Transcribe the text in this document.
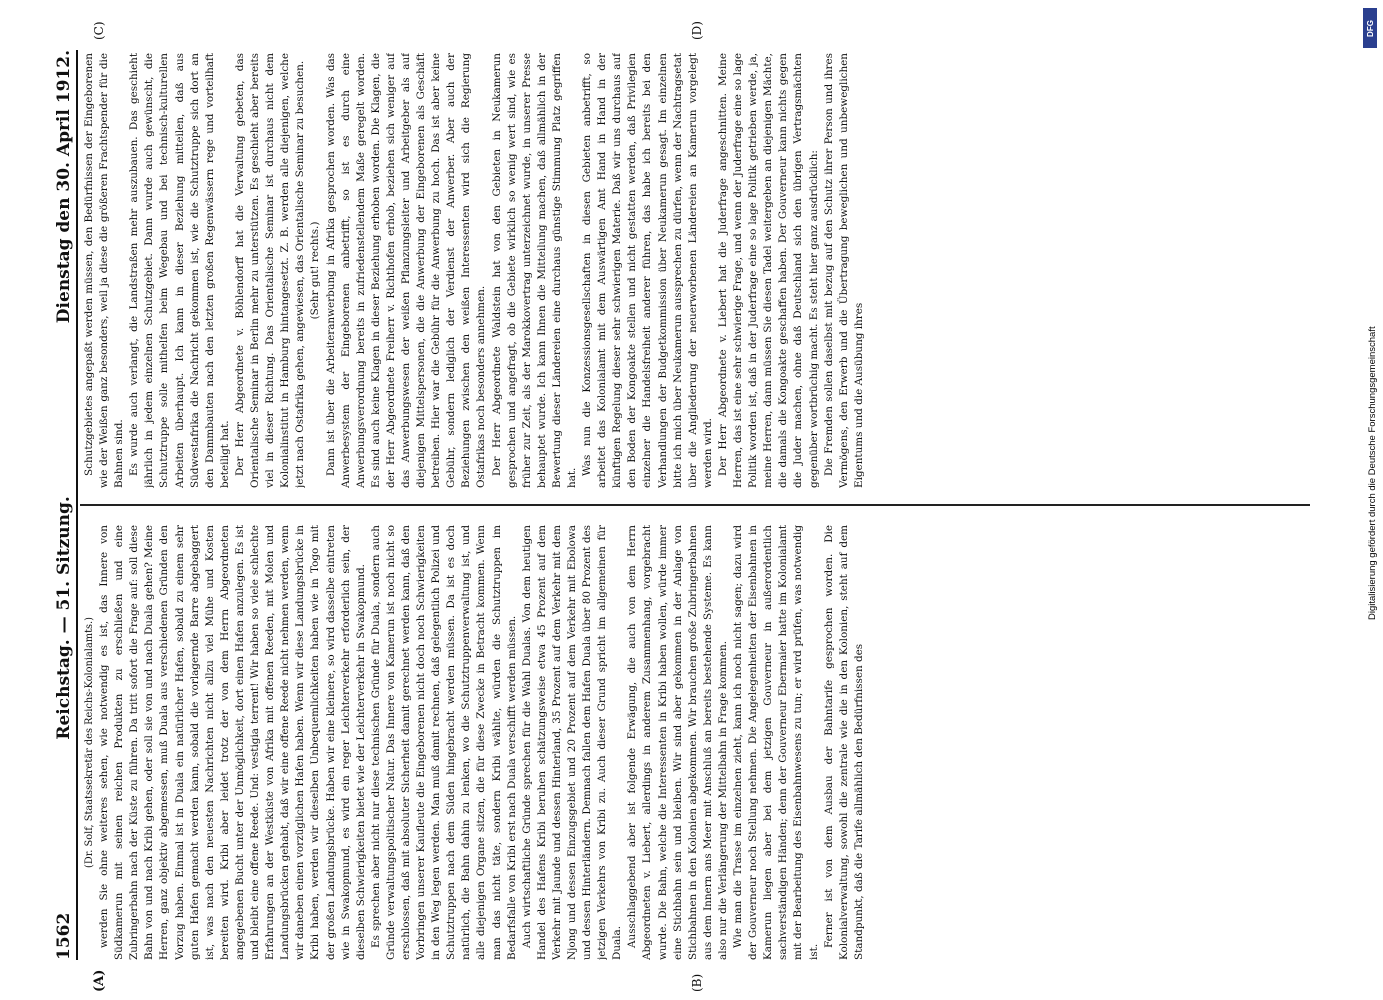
1562
Reichstag. — 51. Sitzung.
Dienstag den 30. April 1912.
(A)	(B)
(C)	(D)

(Dr. Solf, Staatssekretär des Reichs-Kolonialamts.) werden Sie ohne weiteres sehen, wie notwendig es ist, das Innere von Südkamerun mit seinen reichen Produkten zu erschließen und eine Zubringerbahn nach der Küste zu führen. Da tritt sofort die Frage auf: soll diese Bahn von und nach Kribi gehen, oder soll sie von und nach Duala gehen? Meine Herren, ganz objektiv abgemessen, muß Duala aus verschiedenen Gründen den Vorzug haben. Einmal ist in Duala ein natürlicher Hafen, sobald zu einem sehr guten Hafen gemacht werden kann, sobald die vorlagernde Barre abgebaggert ist, was nach den neuesten Nachrichten nicht allzu viel Mühe und Kosten bereiten wird. Kribi aber leidet trotz der von dem Herrn Abgeordneten angegebenen Bucht unter der Unmöglichkeit, dort einen Hafen anzulegen. Es ist und bleibt eine offene Reede. Und: vestigia terrent! Wir haben so viele schlechte Erfahrungen an der Westküste von Afrika mit offenen Reeden, mit Molen und Landungsbrücken gehabt, daß wir eine offene Reede nicht nehmen werden, wenn wir daneben einen vorzüglichen Hafen haben. Wenn wir diese Landungsbrücke in Kribi haben, werden wir dieselben Unbequemlichkeiten haben wie in Togo mit der großen Landungsbrücke. Haben wir eine kleinere, so wird dasselbe eintreten wie in Swakopmund, es wird ein reger Leichterverkehr erforderlich sein, der dieselben Schwierigkeiten bietet wie der Leichterverkehr in Swakopmund. Es sprechen aber nicht nur diese technischen Gründe für Duala, sondern auch Gründe verwaltungspolitischer Natur. Das Innere von Kamerun ist noch nicht so erschlossen, daß mit absoluter Sicherheit damit gerechnet werden kann, daß den Vorbringen unserer Kaufleute die Eingeborenen nicht doch noch Schwierigkeiten in den Weg legen werden. Man muß damit rechnen, daß gelegentlich Polizei und Schutztruppen nach dem Süden hingebracht werden müssen. Da ist es doch natürlich, die Bahn dahin zu lenken, wo die Schutztruppenverwaltung ist, und alle diejenigen Organe sitzen, die für diese Zwecke in Betracht kommen. Wenn man das nicht täte, sondern Kribi wählte, würden die Schutztruppen im Bedarfsfalle von Kribi erst nach Duala verschifft werden müssen. Auch wirtschaftliche Gründe sprechen für die Wahl Dualas. Von dem heutigen Handel des Hafens Kribi beruhen schätzungsweise etwa 45 Prozent auf dem Verkehr mit Jaunde und dessen Hinterland, 35 Prozent auf dem Verkehr mit dem Njong und dessen Einzugsgebiet und 20 Prozent auf dem Verkehr mit Ebolowa und dessen Hinterländern. Demnach fallen dem Hafen Duala über 80 Prozent des jetzigen Verkehrs von Kribi zu. Auch dieser Grund spricht im allgemeinen für Duala. Ausschlaggebend aber ist folgende Erwägung, die auch von dem Herrn Abgeordneten v. Liebert, allerdings in anderem Zusammenhang, vorgebracht wurde. Die Bahn, welche die Interessenten in Kribi haben wollen, würde immer eine Stichbahn sein und bleiben. Wir sind aber gekommen in der Anlage von Stichbahnen in den Kolonien abgekommen. Wir brauchen große Zubringerbahnen aus dem Innern ans Meer mit Anschluß an bereits bestehende Systeme. Es kann also nur die Verlängerung der Mittelbahn in Frage kommen. Wie man die Trasse im einzelnen zieht, kann ich noch nicht sagen; dazu wird der Gouverneur noch Stellung nehmen. Die Angelegenheiten der Eisenbahnen in Kamerun liegen aber bei dem jetzigen Gouverneur in außerordentlich sachverständigen Händen; denn der Gouverneur Ebermaier hatte im Kolonialamt mit der Bearbeitung des Eisenbahnwesens zu tun; er wird prüfen, was notwendig ist.

Ferner ist von dem Ausbau der Bahntarife gesprochen worden. Die Kolonialverwaltung, sowohl die zentrale wie die in den Kolonien, steht auf dem Standpunkt, daß die Tarife allmählich den Bedürfnissen des

Schutzgebietes angepaßt werden müssen, den Bedürfnissen der Eingeborenen wie der Weißen ganz besonders, weil ja diese die größeren Frachtspender für die Bahnen sind. Es wurde auch verlangt, die Landstraßen mehr auszubauen. Das geschieht jährlich in jedem einzelnen Schutzgebiet. Dann wurde auch gewünscht, die Schutztruppe solle mithelfen beim Wegebau und bei technisch-kulturellen Arbeiten überhaupt. Ich kann in dieser Beziehung mitteilen, daß aus Südwestafrika die Nachricht gekommen ist, wie die Schutztruppe sich dort an den Dammbauten nach den letzten großen Regenwässern rege und vorteilhaft beteiligt hat. Der Herr Abgeordnete v. Böhlendorff hat die Verwaltung gebeten, das Orientalische Seminar in Berlin mehr zu unterstützen. Es geschieht aber bereits viel in dieser Richtung. Das Orientalische Seminar ist durchaus nicht dem Kolonialinstitut in Hamburg hintangesetzt. Z. B. werden alle diejenigen, welche jetzt nach Ostafrika gehen, angewiesen, das Orientalische Seminar zu besuchen. (Sehr gut! rechts.) Dann ist über die Arbeiteranwerbung in Afrika gesprochen worden. Was das Anwerbesystem der Eingeborenen anbetrifft, so ist es durch eine Anwerbungsverordnung bereits in zufriedenstellendem Maße geregelt worden. Es sind auch keine Klagen in dieser Beziehung erhoben worden. Die Klagen, die der Herr Abgeordnete Freiherr v. Richthofen erhob, beziehen sich weniger auf das Anwerbungswesen der weißen Pflanzungsleiter und Arbeitgeber als auf diejenigen Mittelspersonen, die die Anwerbung der Eingeborenen als Geschäft betreiben. Hier war die Gebühr für die Anwerbung zu hoch. Das ist aber keine Gebühr, sondern lediglich der Verdienst der Anwerber. Aber auch der Beziehungen zwischen den weißen Interessenten wird sich die Regierung Ostafrikas noch besonders annehmen. Der Herr Abgeordnete Waldstein hat von den Gebieten in Neukamerun gesprochen und angefragt, ob die Gebiete wirklich so wenig wert sind, wie es früher zur Zeit, als der Marokkovertrag unterzeichnet wurde, in unserer Presse behauptet wurde. Ich kann Ihnen die Mitteilung machen, daß allmählich in der Bewertung dieser Ländereien eine durchaus günstige Stimmung Platz gegriffen hat.

Was nun die Konzessionsgesellschaften in diesen Gebieten anbetrifft, so arbeitet das Kolonialamt mit dem Auswärtigen Amt Hand in Hand in der künftigen Regelung dieser sehr schwierigen Materie. Daß wir uns durchaus auf den Boden der Kongoakte stellen und nicht gestatten werden, daß Privilegien einzelner die Handelsfreiheit anderer führen, das habe ich bereits bei den Verhandlungen der Budgetkommission über Neukamerun gesagt. Im einzelnen bitte ich mich über Neukamerun aussprechen zu dürfen, wenn der Nachtragsetat über die Angliederung der neuerworbenen Ländereien an Kamerun vorgelegt werden wird. Der Herr Abgeordnete v. Liebert hat die Juderfrage angeschnitten. Meine Herren, das ist eine sehr schwierige Frage, und wenn der Juderfrage eine so lage Politik worden ist, daß in der Juderfrage eine so lage Politik getrieben werde, ja, meine Herren, dann müssen Sie diesen Tadel weitergeben an diejenigen Mächte, die damals die Kongoakte geschaffen haben. Der Gouverneur kann nichts gegen die Juder machen, ohne daß Deutschland sich den übrigen Vertragsmächten gegenüber wortbrüchig macht. Es steht hier ganz ausdrücklich: Die Fremden sollen daselbst mit bezug auf den Schutz ihrer Person und ihres Vermögens, den Erwerb und die Übertragung beweglichen und unbeweglichen Eigentums und die Ausübung ihres

DFG
Digitalisierung gefördert durch die Deutsche Forschungsgemeinschaft
